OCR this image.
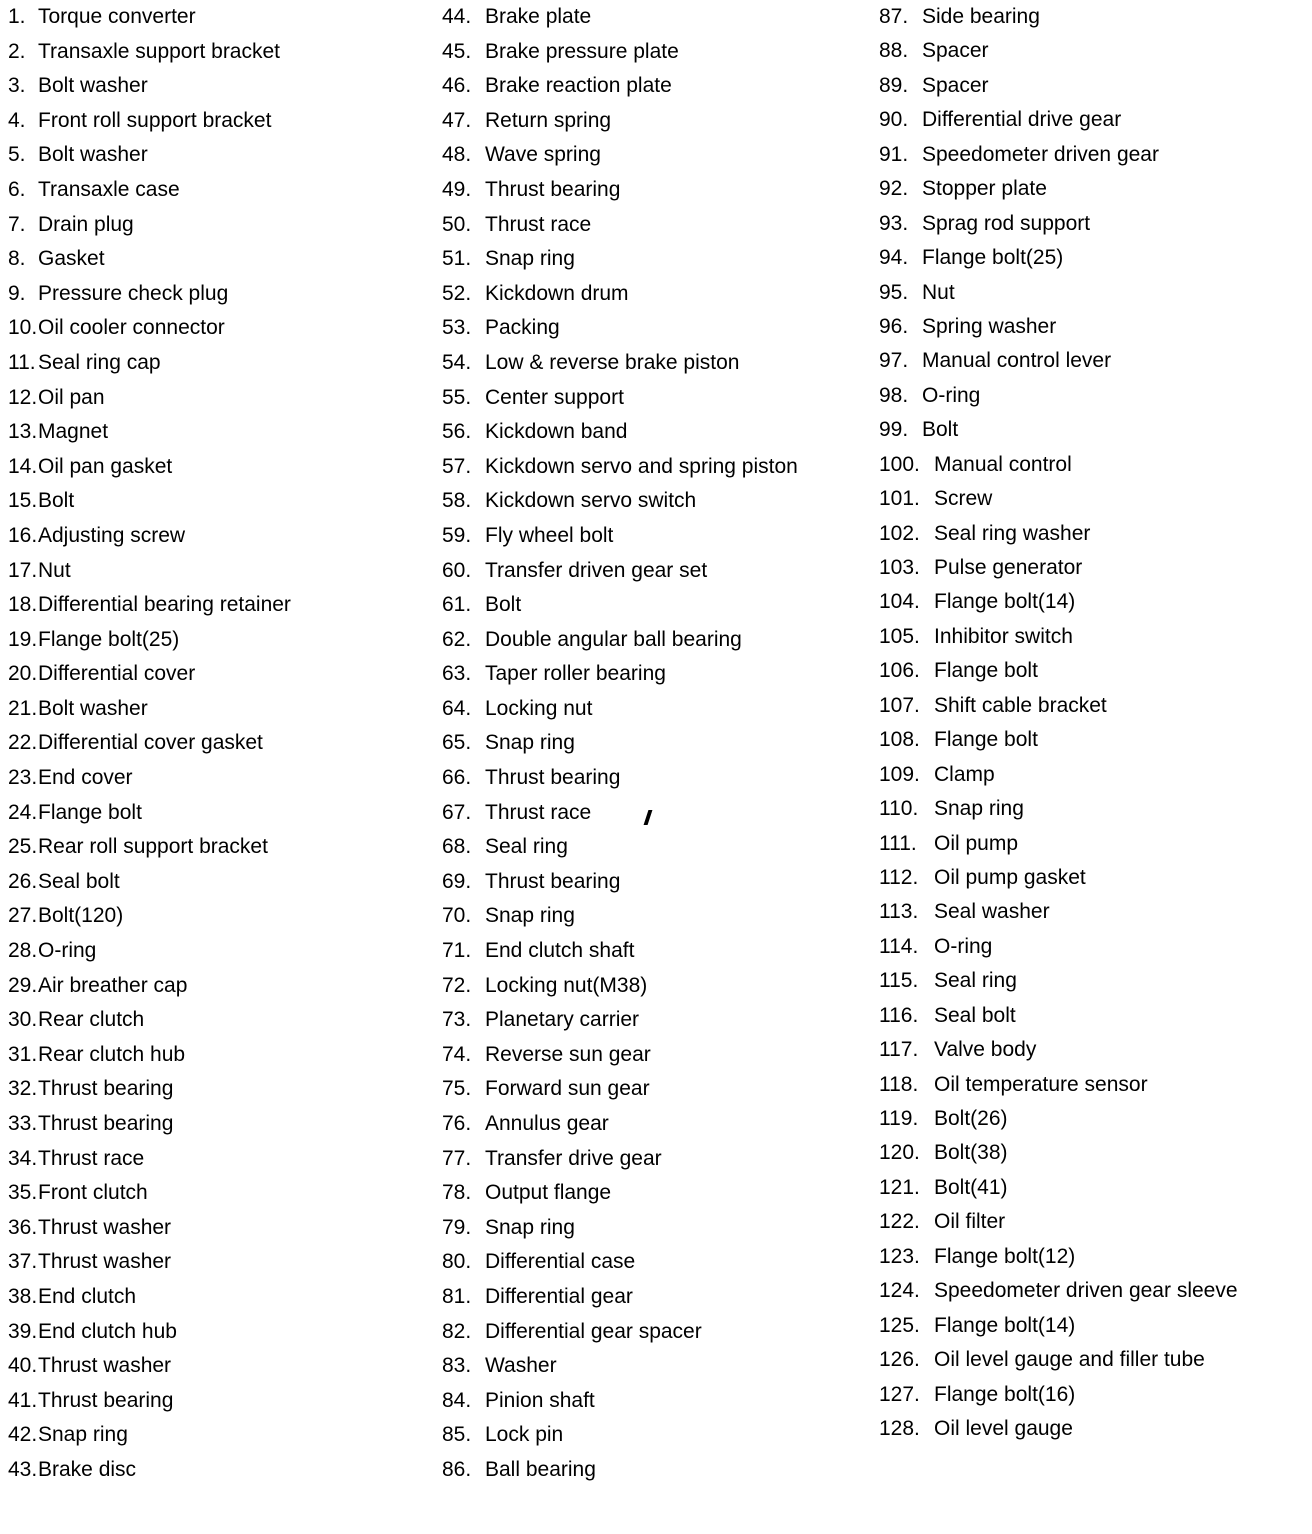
1. Torque converter
2. Transaxle support bracket
3. Bolt washer
4. Front roll support bracket
5. Bolt washer
6. Transaxle case
7. Drain plug
8. Gasket
9. Pressure check plug
10.Oil cooler connector
11. Seal ring cap
12.Oil pan
13.Magnet
14.Oil pan gasket
15.Bolt
16.Adjusting screw
17.Nut
18.Differential bearing retainer
19.Flange bolt(25)
20.Differential cover
21.Bolt washer
22.Differential cover gasket
23.End cover
24.Flange bolt
25.Rear roll support bracket
26.Seal bolt
27.Bolt(120)
28.O-ring
29.Air breather cap
30.Rear clutch
31.Rear clutch hub
32.Thrust bearing
33.Thrust bearing
34.Thrust race
35.Front clutch
36.Thrust washer
37.Thrust washer
38.End clutch
39.End clutch hub
40.Thrust washer
41.Thrust bearing
42.Snap ring
43.Brake disc
44. Brake plate
45. Brake pressure plate
46. Brake reaction plate
47. Return spring
48. Wave spring
49. Thrust bearing
50. Thrust race
51. Snap ring
52. Kickdown drum
53. Packing
54. Low & reverse brake piston
55. Center support
56. Kickdown band
57. Kickdown servo and spring piston
58. Kickdown servo switch
59. Fly wheel bolt
60. Transfer driven gear set
61. Bolt
62. Double angular ball bearing
63. Taper roller bearing
64. Locking nut
65. Snap ring
66. Thrust bearing
67. Thrust race
68. Seal ring
69. Thrust bearing
70. Snap ring
71. End clutch shaft
72. Locking nut(M38)
73. Planetary carrier
74. Reverse sun gear
75. Forward sun gear
76. Annulus gear
77. Transfer drive gear
78. Output flange
79. Snap ring
80. Differential case
81. Differential gear
82. Differential gear spacer
83. Washer
84. Pinion shaft
85. Lock pin
86. Ball bearing
87. Side bearing
88. Spacer
89. Spacer
90. Differential drive gear
91. Speedometer driven gear
92. Stopper plate
93. Sprag rod support
94. Flange bolt(25)
95. Nut
96. Spring washer
97. Manual control lever
98. O-ring
99. Bolt
100. Manual control
101. Screw
102. Seal ring washer
103. Pulse generator
104. Flange bolt(14)
105. Inhibitor switch
106. Flange bolt
107. Shift cable bracket
108. Flange bolt
109. Clamp
110. Snap ring
111. Oil pump
112. Oil pump gasket
113. Seal washer
114. O-ring
115. Seal ring
116. Seal bolt
117. Valve body
118. Oil temperature sensor
119. Bolt(26)
120. Bolt(38)
121. Bolt(41)
122. Oil filter
123. Flange bolt(12)
124. Speedometer driven gear sleeve
125. Flange bolt(14)
126. Oil level gauge and filler tube
127. Flange bolt(16)
128. Oil level gauge
